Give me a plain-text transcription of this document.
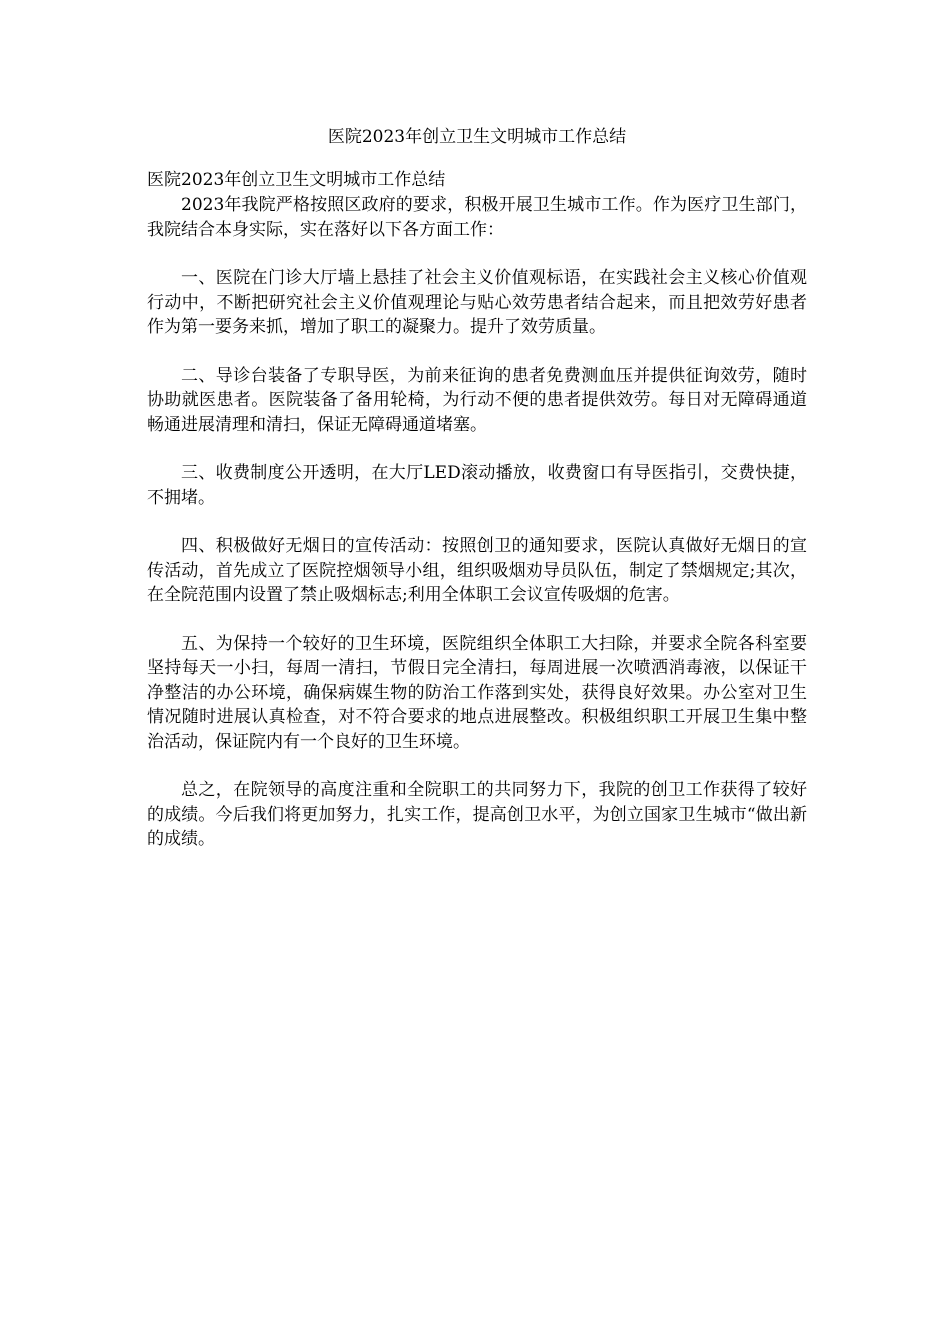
医院2023年创立卫生文明城市工作总结

医院2023年创立卫生文明城市工作总结

2023年我院严格按照区政府的要求，积极开展卫生城市工作。作为医疗卫生部门，我院结合本身实际，实在落好以下各方面工作：

一、医院在门诊大厅墙上悬挂了社会主义价值观标语，在实践社会主义核心价值观行动中，不断把研究社会主义价值观理论与贴心效劳患者结合起来，而且把效劳好患者作为第一要务来抓，增加了职工的凝聚力。提升了效劳质量。

二、导诊台装备了专职导医，为前来征询的患者免费测血压并提供征询效劳，随时协助就医患者。医院装备了备用轮椅，为行动不便的患者提供效劳。每日对无障碍通道畅通进展清理和清扫，保证无障碍通道堵塞。

三、收费制度公开透明，在大厅LED滚动播放，收费窗口有导医指引，交费快捷，不拥堵。

四、积极做好无烟日的宣传活动：按照创卫的通知要求，医院认真做好无烟日的宣传活动，首先成立了医院控烟领导小组，组织吸烟劝导员队伍，制定了禁烟规定;其次，在全院范围内设置了禁止吸烟标志;利用全体职工会议宣传吸烟的危害。

五、为保持一个较好的卫生环境，医院组织全体职工大扫除，并要求全院各科室要坚持每天一小扫，每周一清扫，节假日完全清扫，每周进展一次喷洒消毒液，以保证干净整洁的办公环境，确保病媒生物的防治工作落到实处，获得良好效果。办公室对卫生情况随时进展认真检查，对不符合要求的地点进展整改。积极组织职工开展卫生集中整治活动，保证院内有一个良好的卫生环境。

总之，在院领导的高度注重和全院职工的共同努力下，我院的创卫工作获得了较好的成绩。今后我们将更加努力，扎实工作，提高创卫水平，为创立国家卫生城市“做出新的成绩。
